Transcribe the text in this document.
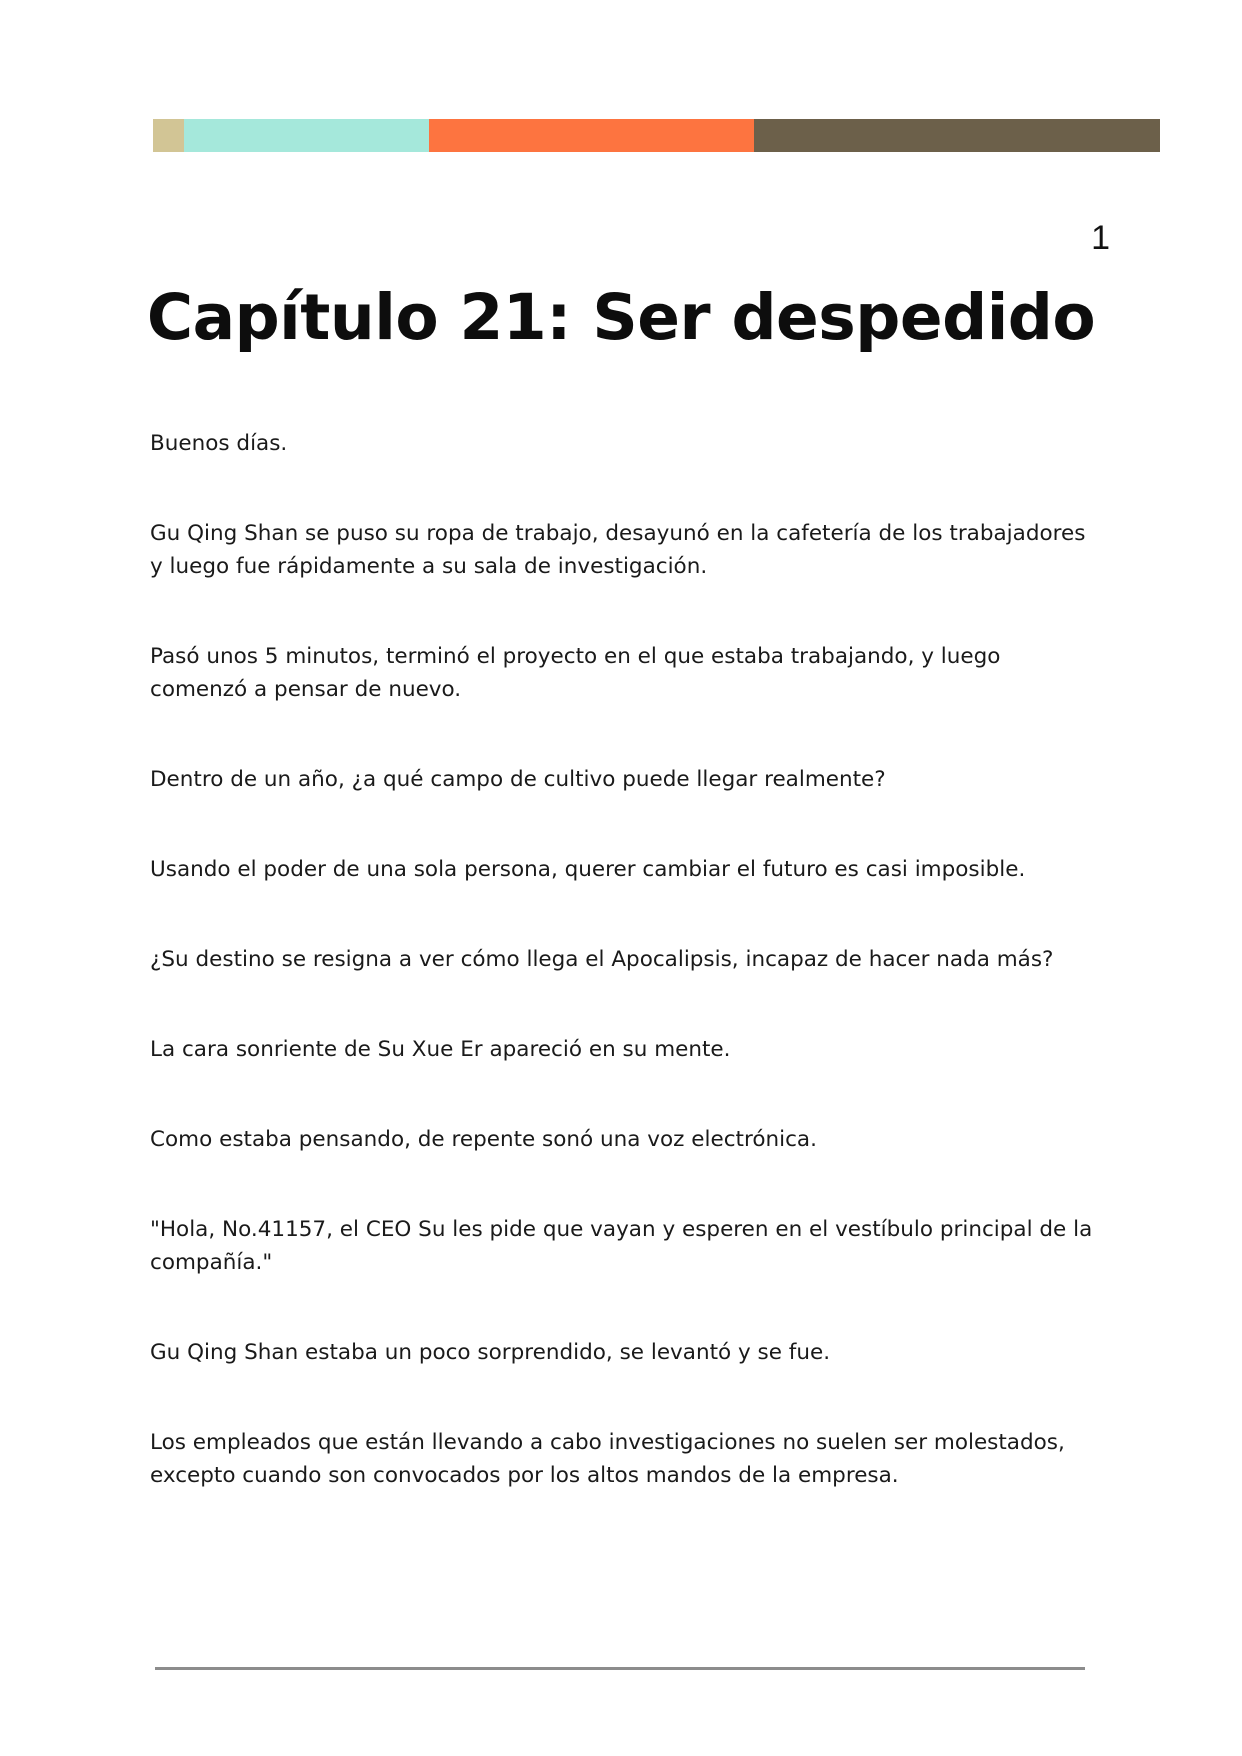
1
Capítulo 21: Ser despedido

Buenos días.

Gu Qing Shan se puso su ropa de trabajo, desayunó en la cafetería de los trabajadores y luego fue rápidamente a su sala de investigación.

Pasó unos 5 minutos, terminó el proyecto en el que estaba trabajando, y luego comenzó a pensar de nuevo.

Dentro de un año, ¿a qué campo de cultivo puede llegar realmente?

Usando el poder de una sola persona, querer cambiar el futuro es casi imposible.

¿Su destino se resigna a ver cómo llega el Apocalipsis, incapaz de hacer nada más?

La cara sonriente de Su Xue Er apareció en su mente.

Como estaba pensando, de repente sonó una voz electrónica.

"Hola, No.41157, el CEO Su les pide que vayan y esperen en el vestíbulo principal de la compañía."

Gu Qing Shan estaba un poco sorprendido, se levantó y se fue.

Los empleados que están llevando a cabo investigaciones no suelen ser molestados, excepto cuando son convocados por los altos mandos de la empresa.
